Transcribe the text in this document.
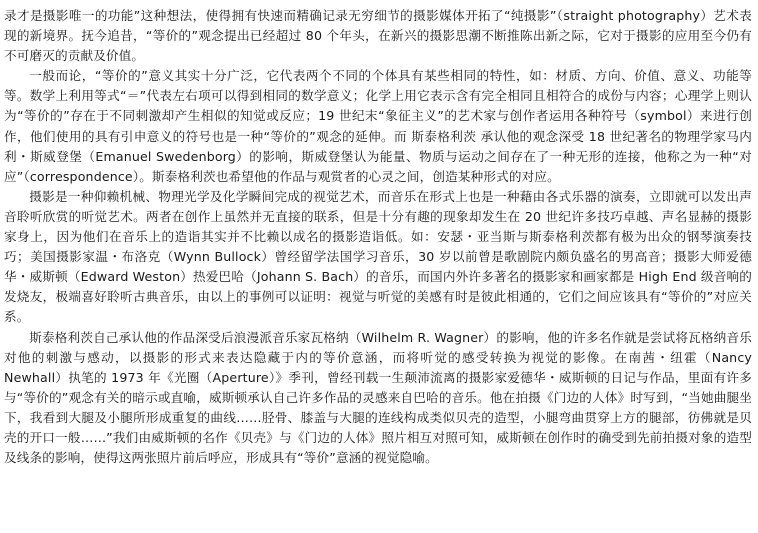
录才是摄影唯一的功能”这种想法，使得拥有快速而精确记录无穷细节的摄影媒体开拓了“纯摄影”（straight photography）艺术表现的新境界。抚今追昔，“等价的”观念提出已经超过 80 个年头，在新兴的摄影思潮不断推陈出新之际，它对于摄影的应用至今仍有不可磨灭的贡献及价值。

一般而论，“等价的”意义其实十分广泛，它代表两个不同的个体具有某些相同的特性，如：材质、方向、价值、意义、功能等等。数学上利用等式“＝”代表左右项可以得到相同的数学意义；化学上用它表示含有完全相同且相符合的成份与内容；心理学上则认为“等价的”存在于不同刺激却产生相似的知觉或反应；19 世纪末“象征主义”的艺术家与创作者运用各种符号（symbol）来进行创作，他们使用的具有引申意义的符号也是一种“等价的”观念的延伸。而 斯泰格利茨 承认他的观念深受 18 世纪著名的物理学家马内利・斯威登堡（Emanuel Swedenborg）的影响，斯威登堡认为能量、物质与运动之间存在了一种无形的连接，他称之为一种“对应”（correspondence）。斯泰格利茨也希望他的作品与观赏者的心灵之间，创造某种形式的对应。

摄影是一种仰赖机械、物理光学及化学瞬间完成的视觉艺术，而音乐在形式上也是一种藉由各式乐器的演奏，立即就可以发出声音聆听欣赏的听觉艺术。两者在创作上虽然并无直接的联系，但是十分有趣的现象却发生在 20 世纪许多技巧卓越、声名显赫的摄影家身上，因为他们在音乐上的造诣其实并不比赖以成名的摄影造诣低。如：安瑟・亚当斯与斯泰格利茨都有极为出众的钢琴演奏技巧；美国摄影家温・布洛克（Wynn Bullock）曾经留学法国学习音乐，30 岁以前曾是歌剧院内颇负盛名的男高音；摄影大师爱德华・威斯顿（Edward Weston）热爱巴哈（Johann S. Bach）的音乐，而国内外许多著名的摄影家和画家都是 High End 级音响的发烧友，极端喜好聆听古典音乐，由以上的事例可以证明：视觉与听觉的美感有时是彼此相通的，它们之间应该具有“等价的”对应关系。

斯泰格利茨自己承认他的作品深受后浪漫派音乐家瓦格纳（Wilhelm R. Wagner）的影响，他的许多名作就是尝试将瓦格纳音乐对他的刺激与感动，以摄影的形式来表达隐藏于内的等价意涵，而将听觉的感受转换为视觉的影像。在南茜・纽霍（Nancy Newhall）执笔的 1973 年《光圈（Aperture）》季刊，曾经刊载一生颠沛流离的摄影家爱德华・威斯顿的日记与作品，里面有许多与“等价的”观念有关的暗示或直喻，威斯顿承认自己许多作品的灵感来自巴哈的音乐。他在拍摄《门边的人体》时写到，“当她曲腿坐下，我看到大腿及小腿所形成重复的曲线……胫骨、膝盖与大腿的连线构成类似贝壳的造型，小腿弯曲贯穿上方的腿部，彷佛就是贝壳的开口一般……”我们由威斯顿的名作《贝壳》与《门边的人体》照片相互对照可知，威斯顿在创作时的确受到先前拍摄对象的造型及线条的影响，使得这两张照片前后呼应，形成具有“等价”意涵的视觉隐喻。
